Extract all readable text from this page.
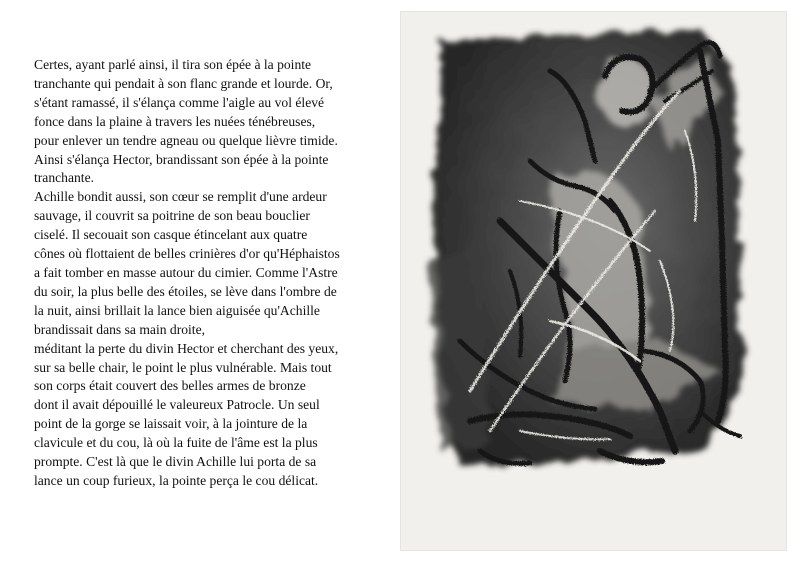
Certes, ayant parlé ainsi, il tira son épée à la pointe

tranchante qui pendait à son flanc grande et lourde. Or,

s'étant ramassé, il s'élança comme l'aigle au vol élevé

fonce dans la plaine à travers les nuées ténébreuses,

pour enlever un tendre agneau ou quelque lièvre timide.

Ainsi s'élança Hector, brandissant son épée à la pointe

tranchante.

Achille bondit aussi, son cœur se remplit d'une ardeur

sauvage, il couvrit sa poitrine de son beau bouclier

ciselé. Il secouait son casque étincelant aux quatre

cônes où flottaient de belles crinières d'or qu'Héphaistos

a fait tomber en masse autour du cimier. Comme l'Astre

du soir, la plus belle des étoiles, se lève dans l'ombre de

la nuit, ainsi brillait la lance bien aiguisée qu'Achille

brandissait dans sa main droite,

méditant la perte du divin Hector et cherchant des yeux,

sur sa belle chair, le point le plus vulnérable. Mais tout

son corps était couvert des belles armes de bronze

dont il avait dépouillé le valeureux Patrocle. Un seul

point de la gorge se laissait voir, à la jointure de la

clavicule et du cou, là où la fuite de l'âme est la plus

prompte. C'est là que le divin Achille lui porta de sa

lance un coup furieux, la pointe perça le cou délicat.
